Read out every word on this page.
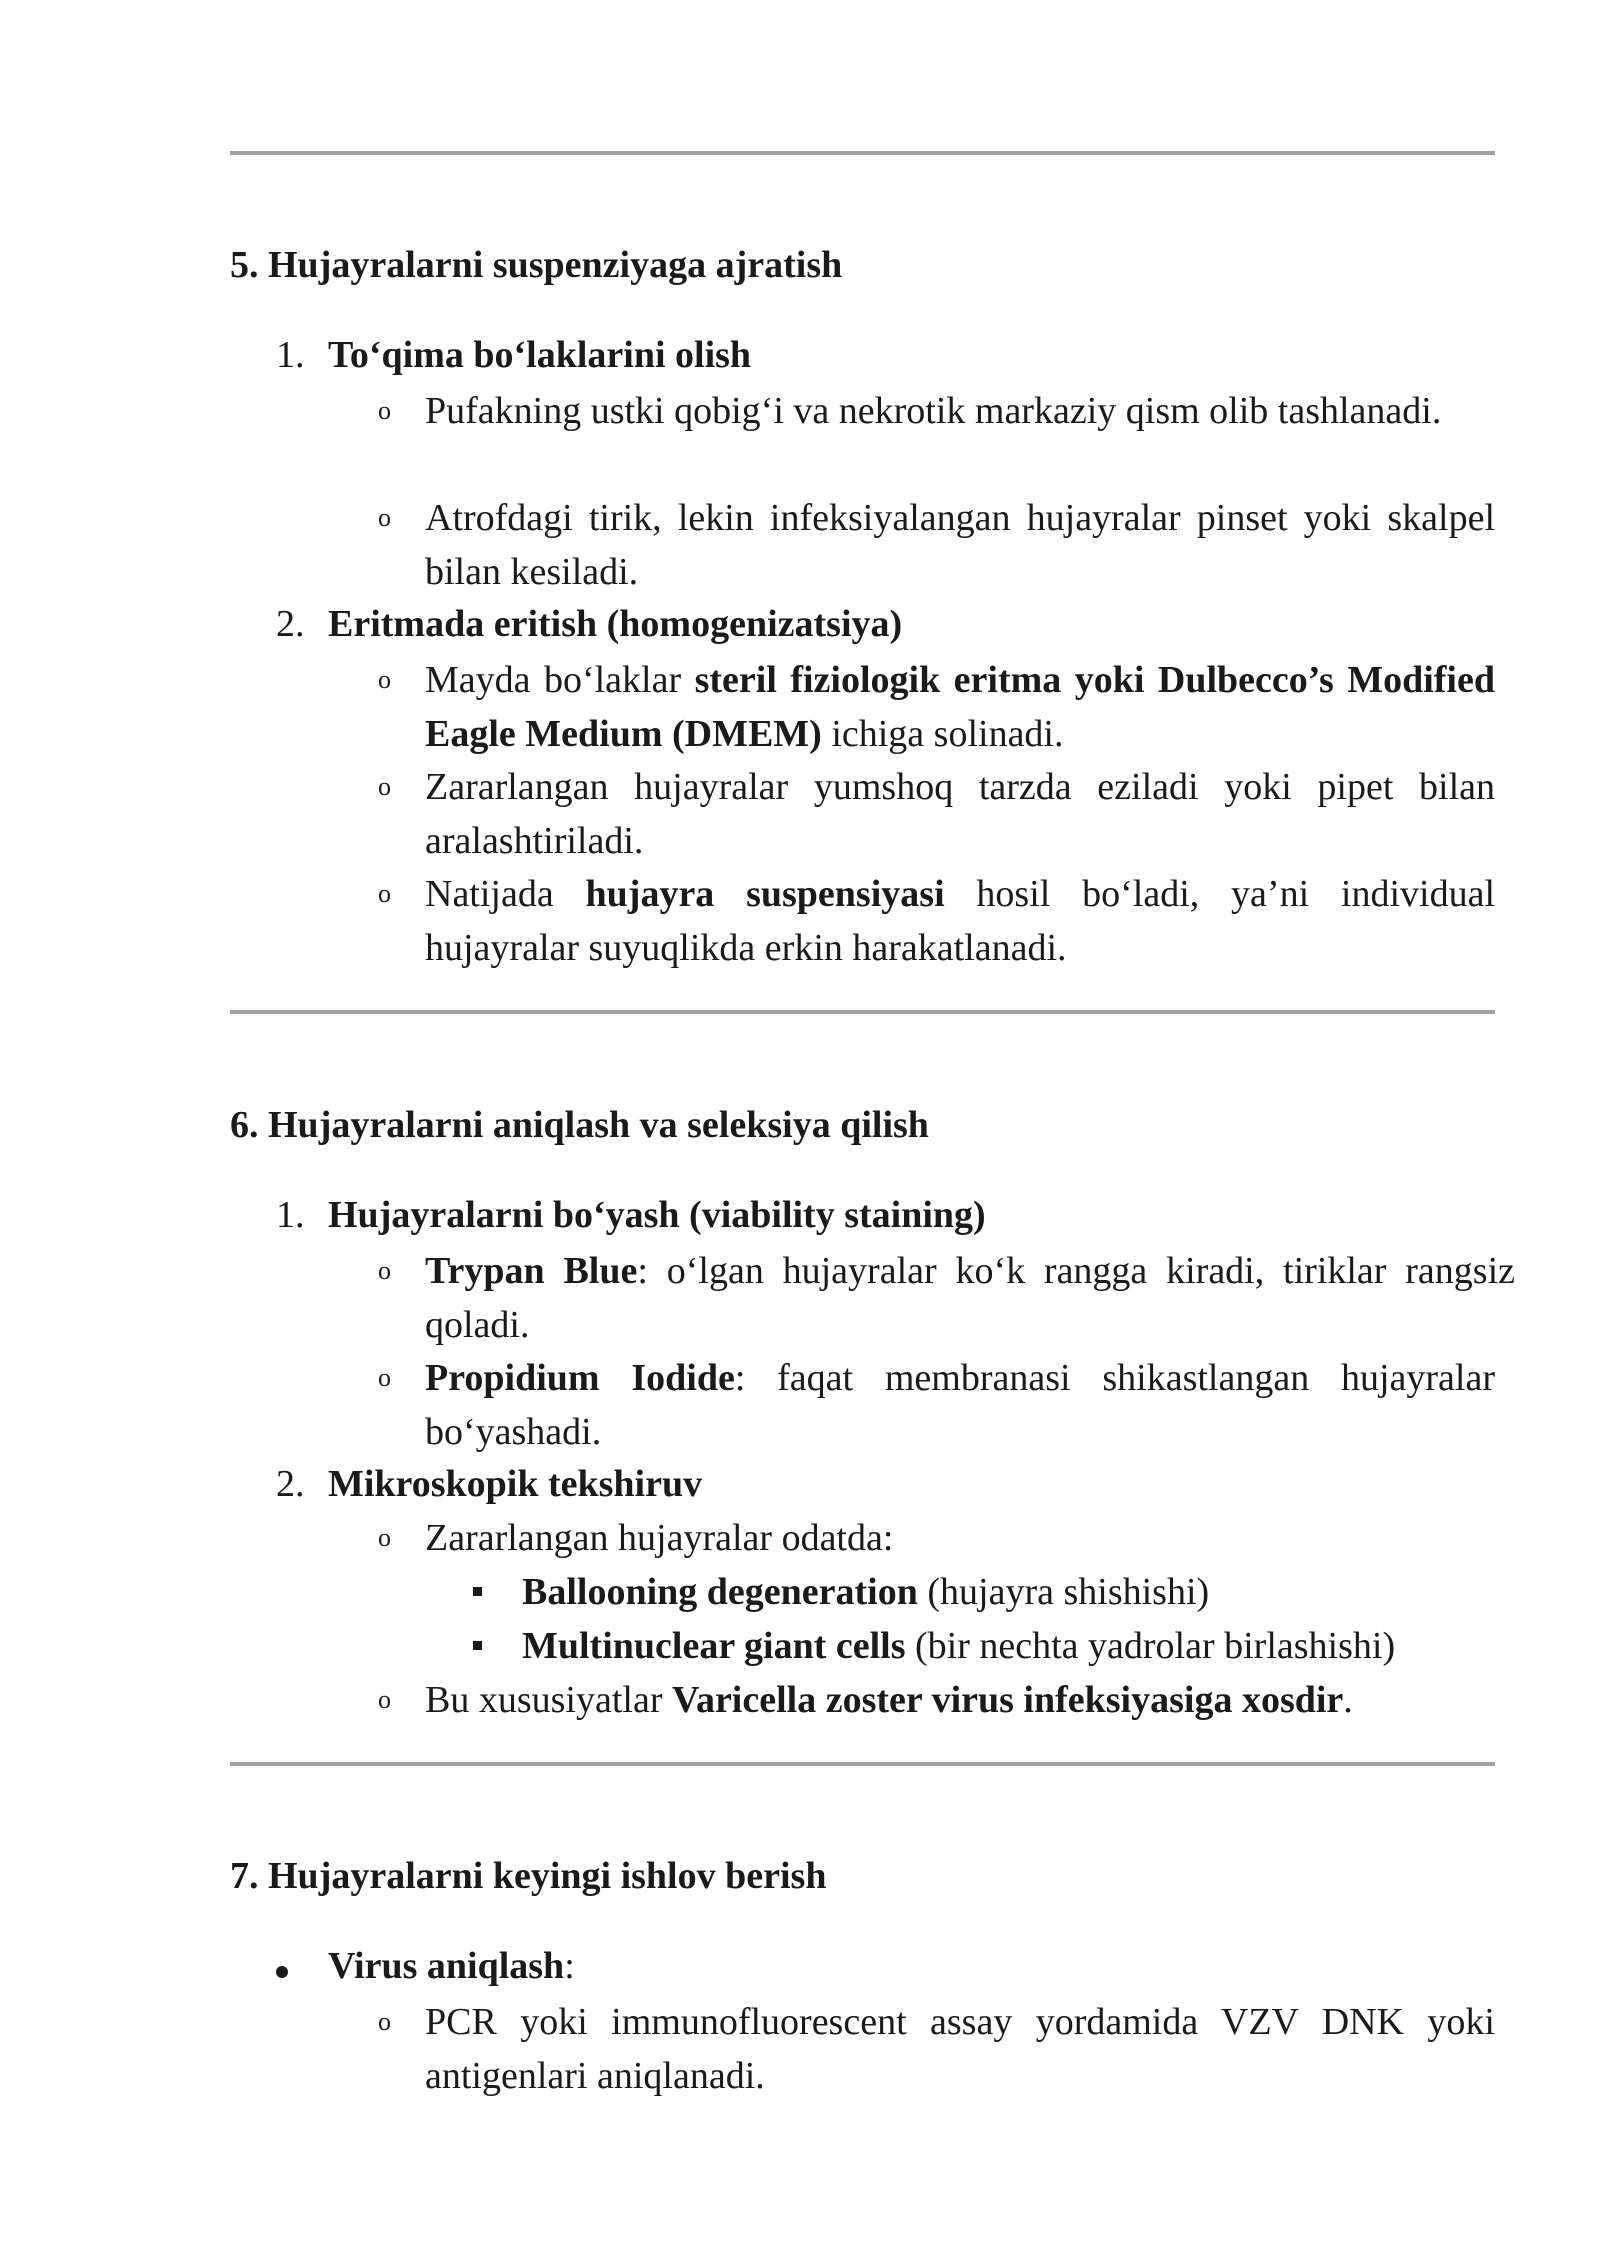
5. Hujayralarni suspenziyaga ajratish
1. To‘qima bo‘laklarini olish
o Pufakning ustki qobig‘i va nekrotik markaziy qism olib tashlanadi.

o Atrofdagi tirik, lekin infeksiyalangan hujayralar pinset yoki skalpel bilan kesiladi.

2. Eritmada eritish (homogenizatsiya)
o Mayda bo‘laklar steril fiziologik eritma yoki Dulbecco’s Modified Eagle Medium (DMEM) ichiga solinadi.

o Zararlangan hujayralar yumshoq tarzda eziladi yoki pipet bilan aralashtiriladi.

o Natijada hujayra suspensiyasi hosil bo‘ladi, ya’ni individual hujayralar suyuqlikda erkin harakatlanadi.

6. Hujayralarni aniqlash va seleksiya qilish
1. Hujayralarni bo‘yash (viability staining)
o Trypan Blue: o‘lgan hujayralar ko‘k rangga kiradi, tiriklar rangsiz qoladi.

o Propidium Iodide: faqat membranasi shikastlangan hujayralar bo‘yashadi.

2. Mikroskopik tekshiruv
o Zararlangan hujayralar odatda:

Ballooning degeneration (hujayra shishishi)

Multinuclear giant cells (bir nechta yadrolar birlashishi)

o Bu xususiyatlar Varicella zoster virus infeksiyasiga xosdir.

7. Hujayralarni keyingi ishlov berish
Virus aniqlash:
o PCR yoki immunofluorescent assay yordamida VZV DNK yoki antigenlari aniqlanadi.
